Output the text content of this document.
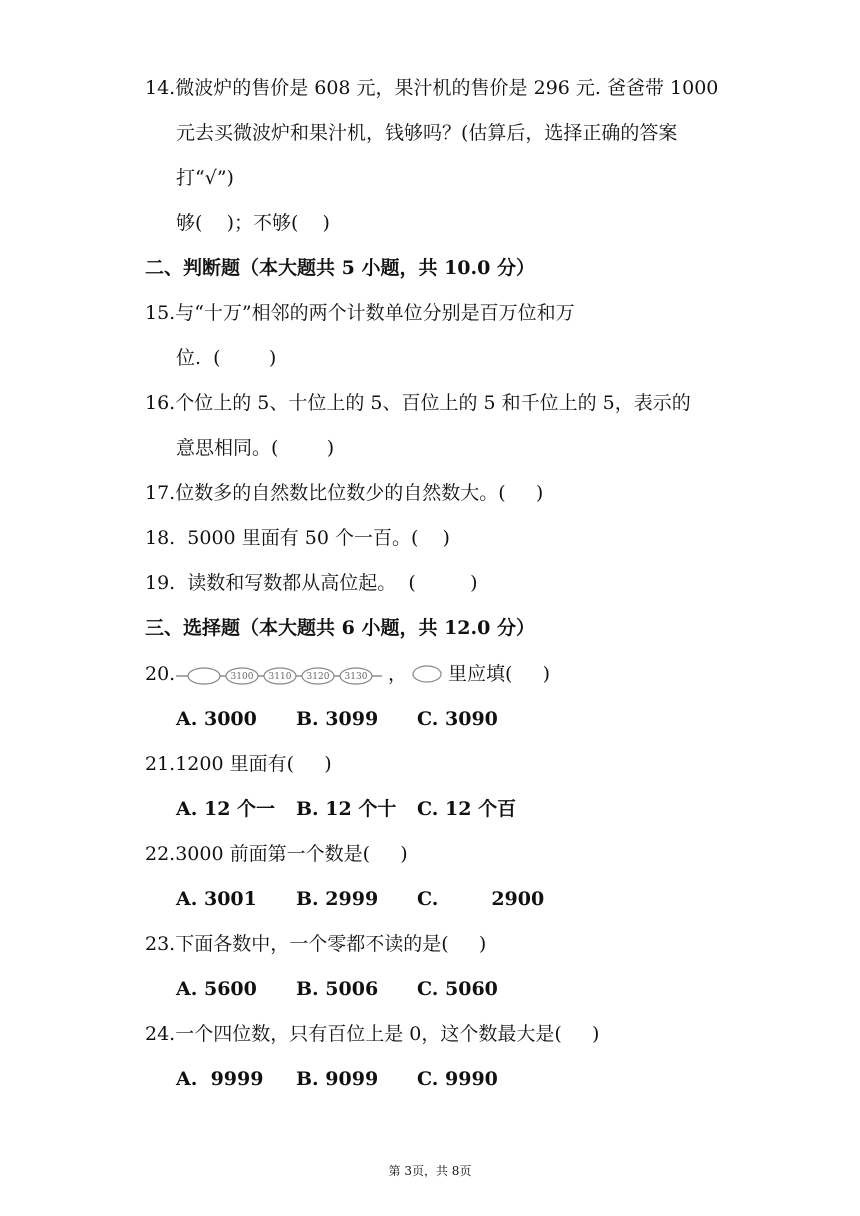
14.微波炉的售价是 608 元，果汁机的售价是 296 元. 爸爸带 1000
元去买微波炉和果汁机，钱够吗？(估算后，选择正确的答案
打“√”)
够(    )；不够(    )
二、判断题（本大题共 5 小题，共 10.0 分）
15.与“十万”相邻的两个计数单位分别是百万位和万
位.  (        )
16.个位上的 5、十位上的 5、百位上的 5 和千位上的 5，表示的
意思相同。(        )
17.位数多的自然数比位数少的自然数大。(     )
18.  5000 里面有 50 个一百。(    )
19.  读数和写数都从高位起。  (         )
三、选择题（本大题共 6 小题，共 12.0 分）
20.	3100 3110 3120 3130 ， 里应填(     )
A. 3000 B. 3099 C. 3090
21.1200 里面有(     )
A. 12 个一 B. 12 个十 C. 12 个百
22.3000 前面第一个数是(     )
A. 3001 B. 2999 C.        2900
23.下面各数中，一个零都不读的是(     )
A. 5600 B. 5006 C. 5060
24.一个四位数，只有百位上是 0，这个数最大是(     )
A.  9999 B. 9099 C. 9990
第 3页，共 8页
